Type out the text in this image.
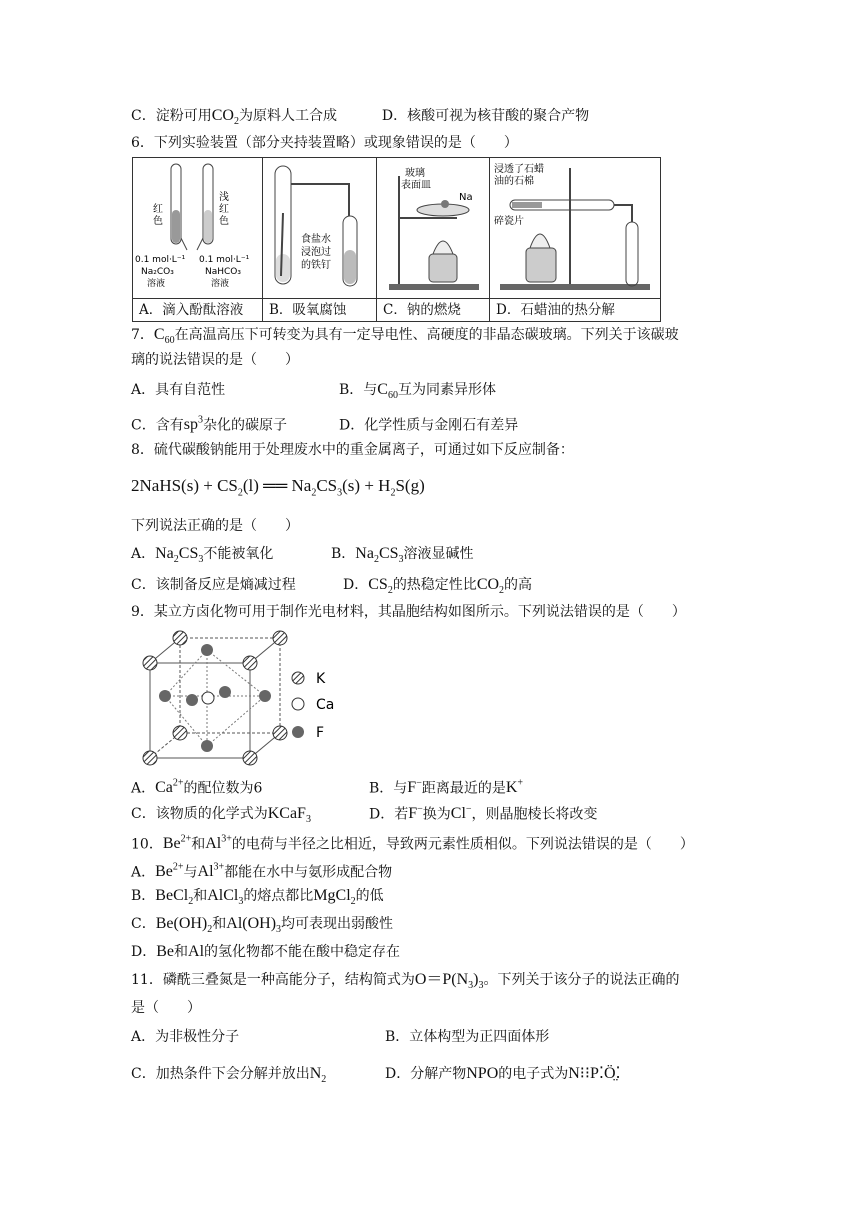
C．淀粉可用$CO_2$为原料人工合成	D．核酸可视为核苷酸的聚合产物
6．下列实验装置（部分夹持装置略）或现象错误的是（　　）
红
色
浅
红
色
0.1 mol·L⁻¹
Na₂CO₃
溶液
0.1 mol·L⁻¹
NaHCO₃
溶液
A．滴入酚酞溶液

食盐水
浸泡过
的铁钉
B．吸氧腐蚀

玻璃
表面皿
Na
C．钠的燃烧

浸透了石蜡
油的石棉
碎瓷片
D．石蜡油的热分解
7．$C_{60}$在高温高压下可转变为具有一定导电性、高硬度的非晶态碳玻璃。下列关于该碳玻
璃的说法错误的是（　　）
A．具有自范性	B．与$C_{60}$互为同素异形体
C．含有$sp^3$杂化的碳原子	D．化学性质与金刚石有差异
8．硫代碳酸钠能用于处理废水中的重金属离子，可通过如下反应制备：
2NaHS(s) + $CS_2(l)$ ══ $Na_2CS_3(s) + H_2S(g)$
下列说法正确的是（　　）
A．$Na_2CS_3$不能被氧化	B．$Na_2CS_3$溶液显碱性
C．该制备反应是熵减过程	D．$CS_2$的热稳定性比$CO_2$的高
9．某立方卤化物可用于制作光电材料，其晶胞结构如图所示。下列说法错误的是（　　）
K
Ca
F
A．$Ca^{2+}$的配位数为6	B．与F−距离最近的是K+
C．该物质的化学式为KCaF$_3$	D．若F−换为Cl−，则晶胞棱长将改变
10．$Be^{2+}$和$Al^{3+}$的电荷与半径之比相近，导致两元素性质相似。下列说法错误的是（　　）
A．$Be^{2+}$与$Al^{3+}$都能在水中与氨形成配合物
B．BeCl$_2$和AlCl$_3$的熔点都比MgCl$_2$的低
C．$Be(OH)_2$和$Al(OH)_3$均可表现出弱酸性
D．Be和Al的氢化物都不能在酸中稳定存在
11．磷酰三叠氮是一种高能分子，结构简式为$O=P(N_3)_3$。下列关于该分子的说法正确的
是（　　）
A．为非极性分子	B．立体构型为正四面体形
C．加热条件下会分解并放出$N_2$	D．分解产物NPO的电子式为N⁝⁝P⁚Ö̤⁚
